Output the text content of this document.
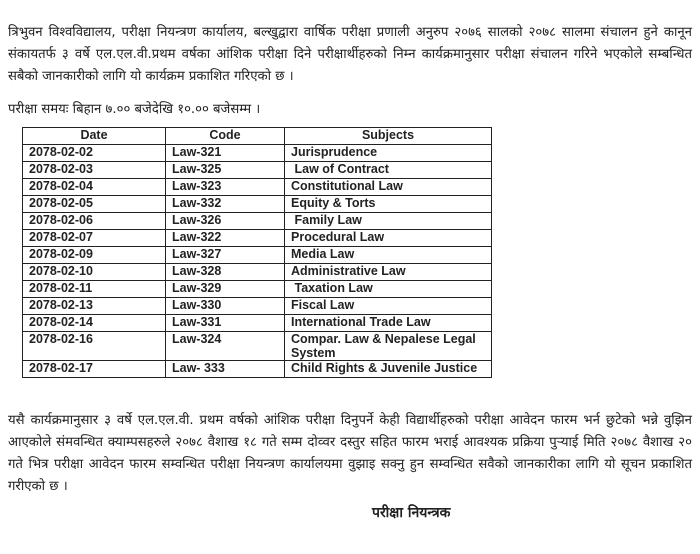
त्रिभुवन विश्वविद्यालय, परीक्षा नियन्त्रण कार्यालय, बल्खुद्वारा वार्षिक परीक्षा प्रणाली अनुरुप २०७६ सालको २०७८ सालमा संचालन हुने कानून संकायतर्फ ३ वर्षे एल.एल.वी.प्रथम वर्षका आंशिक परीक्षा दिने परीक्षार्थीहरुको निम्न कार्यक्रमानुसार परीक्षा संचालन गरिने भएकोले सम्बन्धित सबैको जानकारीको लागि यो कार्यक्रम प्रकाशित गरिएको छ ।
परीक्षा समयः बिहान ७.०० बजेदेखि १०.०० बजेसम्म ।
Date	Code	Subjects
2078-02-02	Law-321	Jurisprudence
2078-02-03	Law-325	Law of Contract
2078-02-04	Law-323	Constitutional Law
2078-02-05	Law-332	Equity & Torts
2078-02-06	Law-326	Family Law
2078-02-07	Law-322	Procedural Law
2078-02-09	Law-327	Media Law
2078-02-10	Law-328	Administrative Law
2078-02-11	Law-329	Taxation Law
2078-02-13	Law-330	Fiscal Law
2078-02-14	Law-331	International Trade Law
2078-02-16	Law-324	Compar. Law & Nepalese Legal System
2078-02-17	Law- 333	Child Rights & Juvenile Justice
यसै कार्यक्रमानुसार ३ वर्षे एल.एल.वी. प्रथम वर्षको आंशिक परीक्षा दिनुपर्ने केही विद्यार्थीहरुको परीक्षा आवेदन फारम भर्न छुटेको भन्ने वुझिन आएकोले संमवन्धित क्याम्पसहरुले २०७८ वैशाख १८ गते सम्म दोव्वर दस्तुर सहित फारम भराई आवश्यक प्रक्रिया पुऱ्याई मिति २०७८ वैशाख २० गते भित्र परीक्षा आवेदन फारम सम्वन्धित परीक्षा नियन्त्रण कार्यालयमा वुझाइ सक्नु हुन सम्वन्धित सवैको जानकारीका लागि यो सूचन प्रकाशित गरीएको छ ।
परीक्षा नियन्त्रक
